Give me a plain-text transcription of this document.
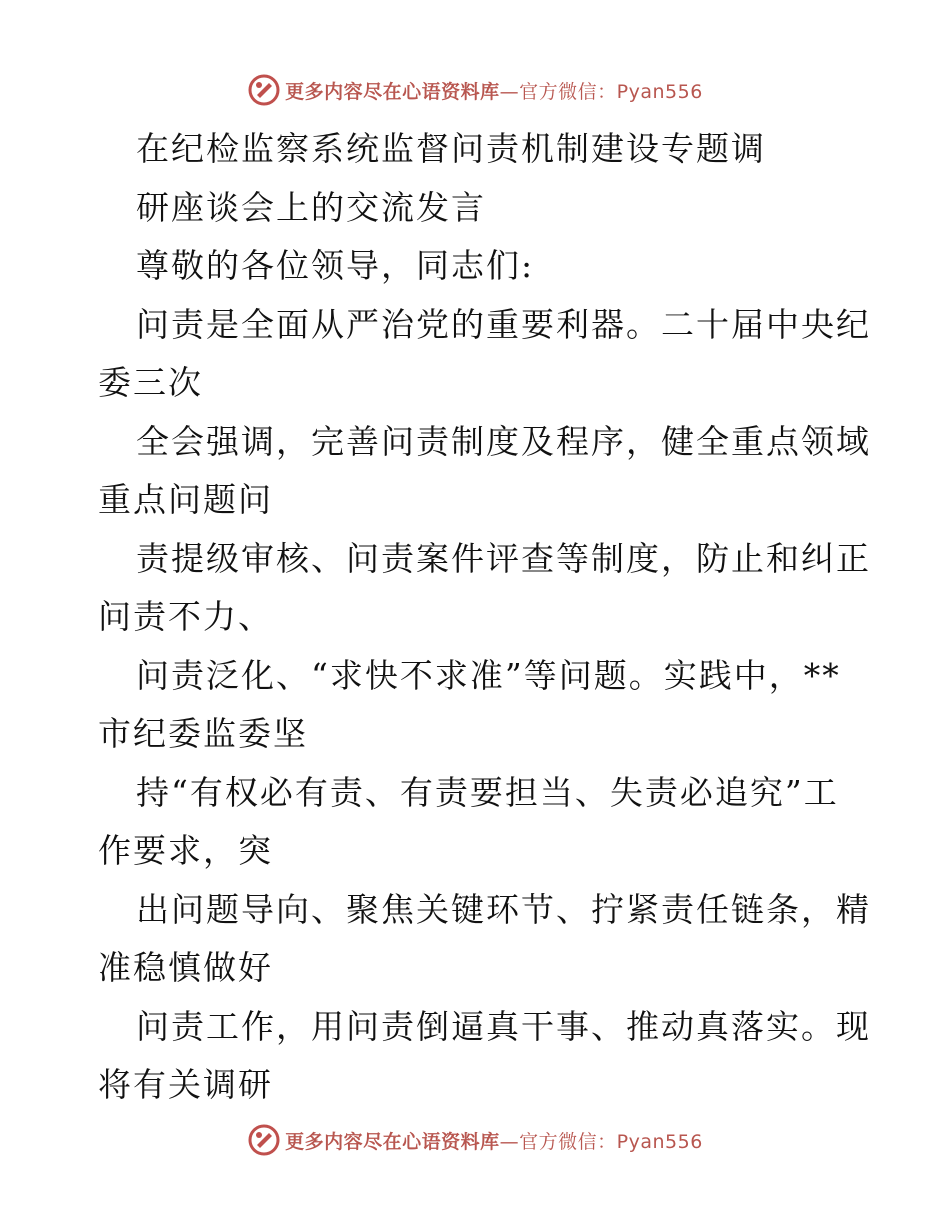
更多内容尽在心语资料库—官方微信：Pyan556
在纪检监察系统监督问责机制建设专题调
研座谈会上的交流发言
尊敬的各位领导，同志们:
问责是全面从严治党的重要利器。二十届中央纪
委三次
全会强调，完善问责制度及程序，健全重点领域
重点问题问
责提级审核、问责案件评查等制度，防止和纠正
问责不力、
问责泛化、“求快不求准”等问题。实践中，**
市纪委监委坚
持“有权必有责、有责要担当、失责必追究”工
作要求，突
出问题导向、聚焦关键环节、拧紧责任链条，精
准稳慎做好
问责工作，用问责倒逼真干事、推动真落实。现
将有关调研
更多内容尽在心语资料库—官方微信：Pyan556
